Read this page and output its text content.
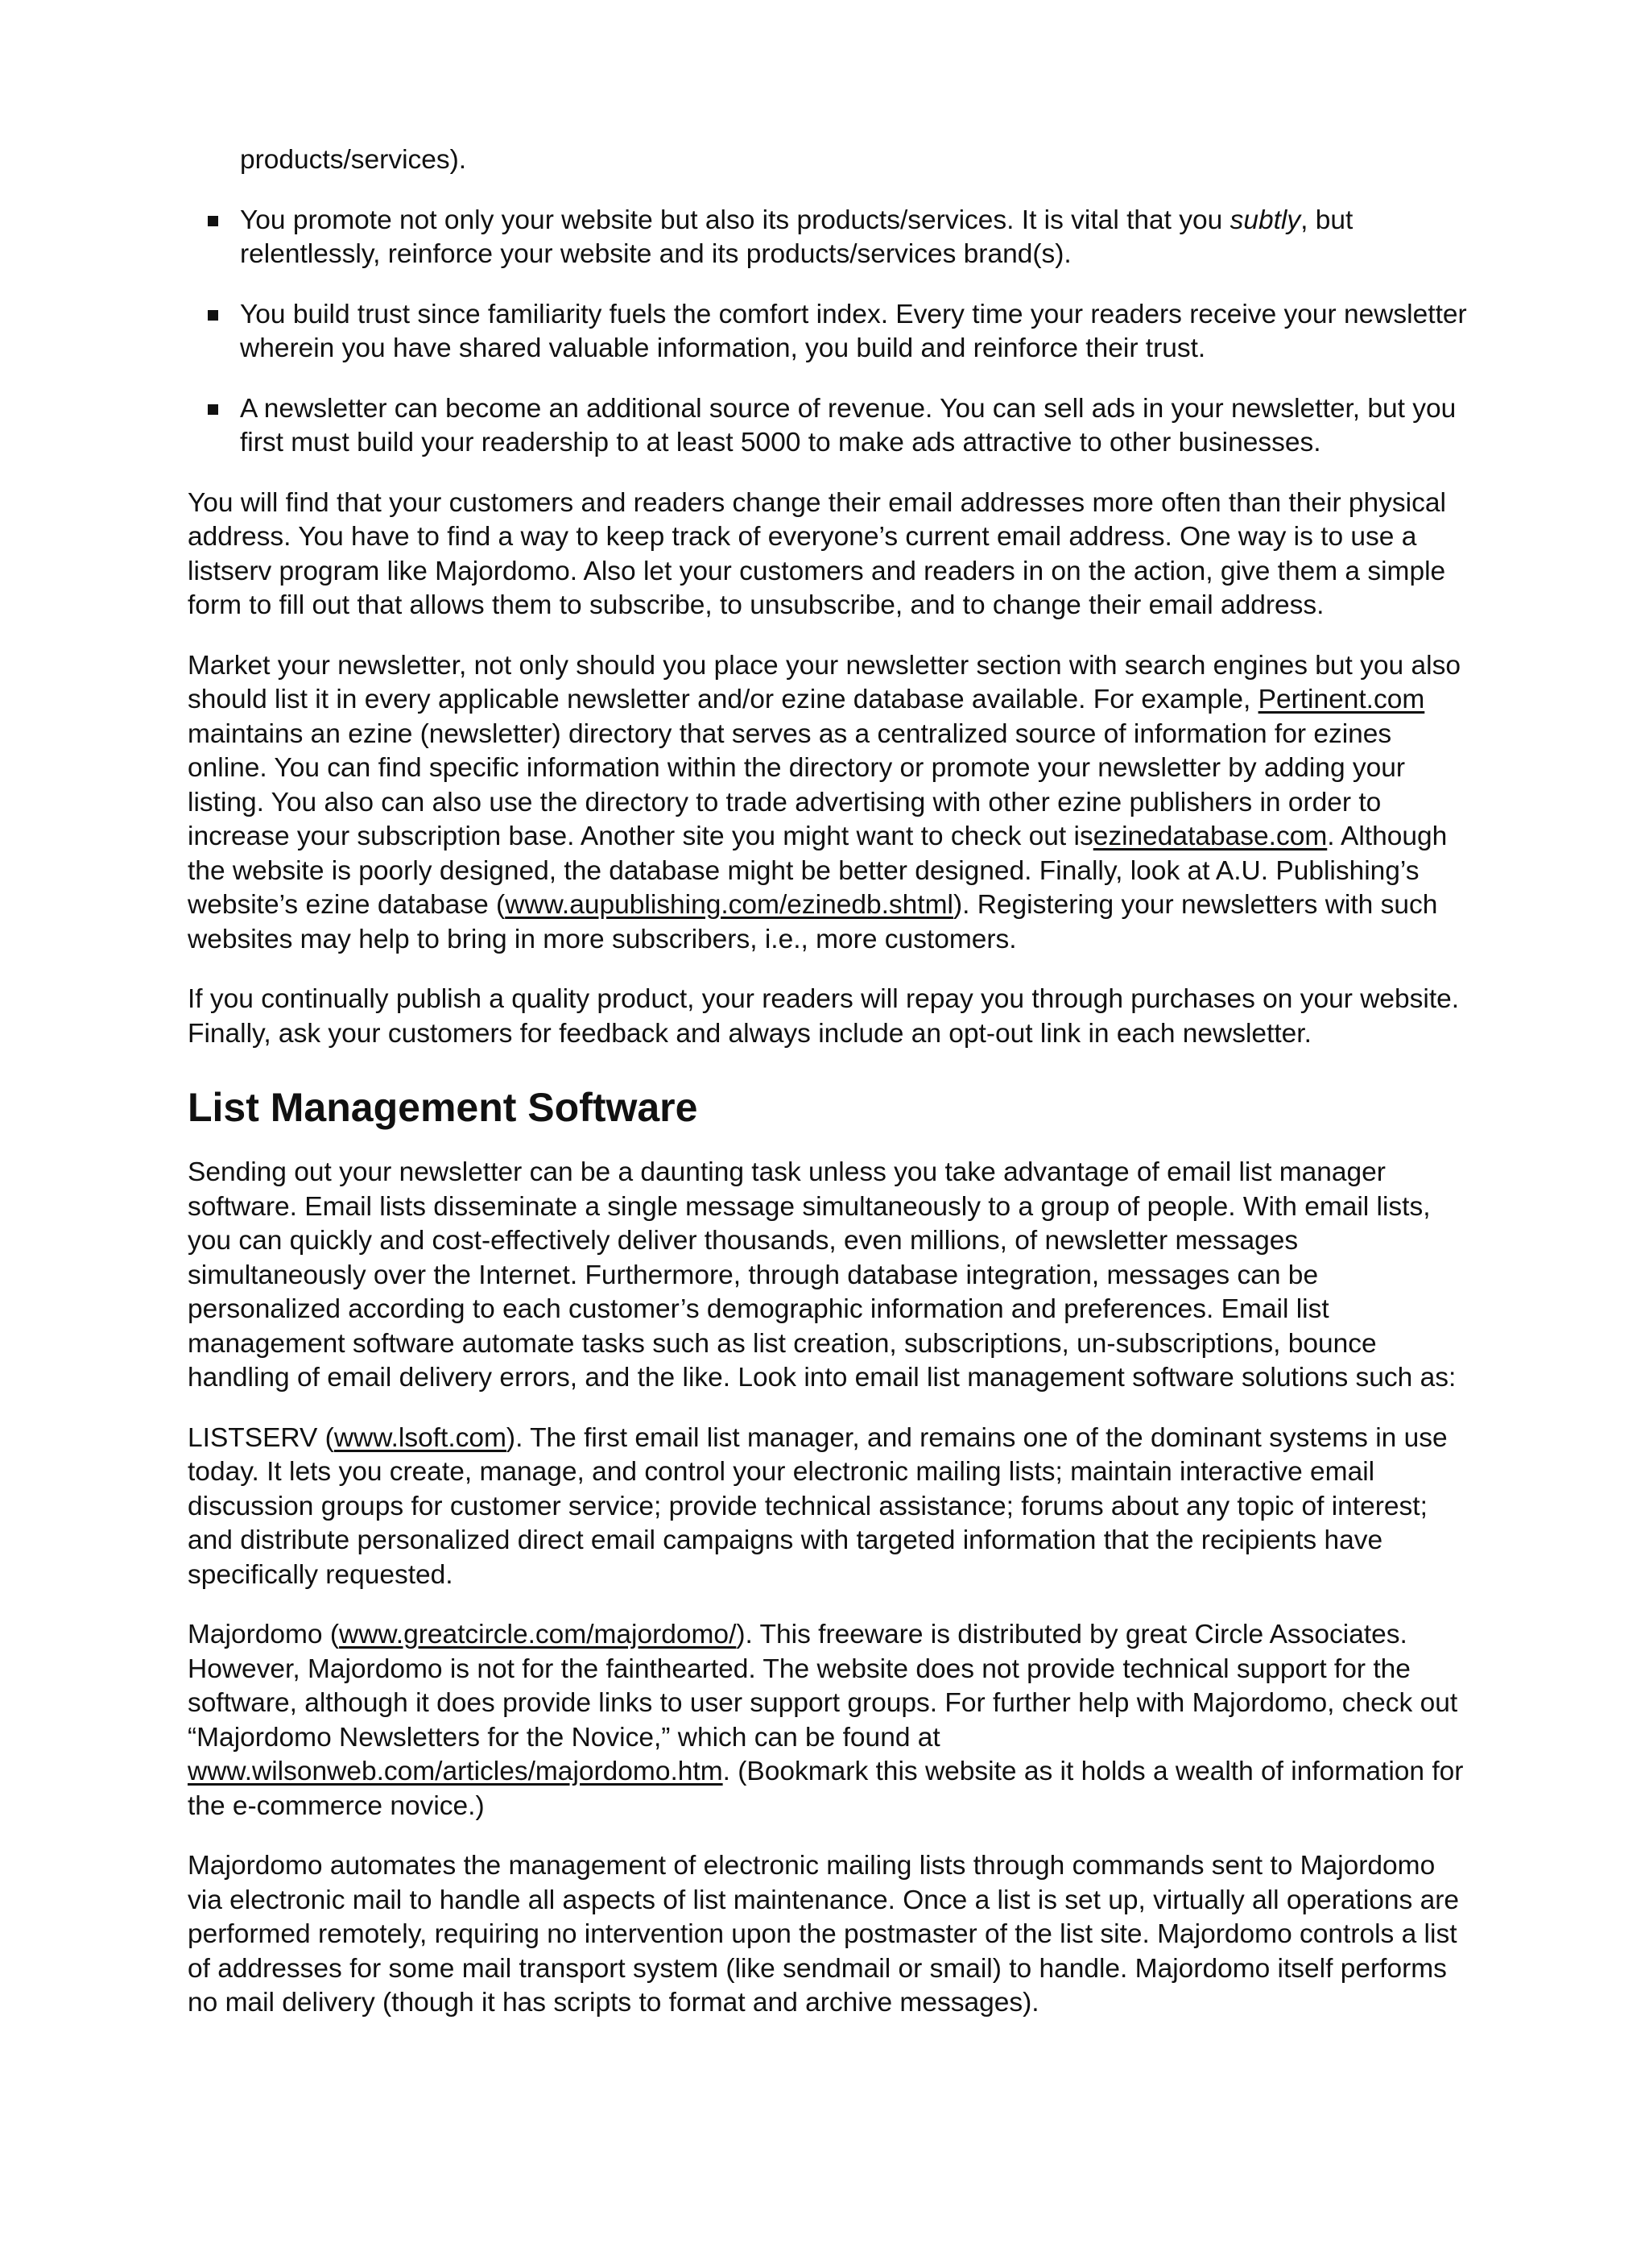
products/services).
You promote not only your website but also its products/services. It is vital that you subtly, but relentlessly, reinforce your website and its products/services brand(s).
You build trust since familiarity fuels the comfort index. Every time your readers receive your newsletter wherein you have shared valuable information, you build and reinforce their trust.
A newsletter can become an additional source of revenue. You can sell ads in your newsletter, but you first must build your readership to at least 5000 to make ads attractive to other businesses.

You will find that your customers and readers change their email addresses more often than their physical address. You have to find a way to keep track of everyone’s current email address. One way is to use a listserv program like Majordomo. Also let your customers and readers in on the action, give them a simple form to fill out that allows them to subscribe, to unsubscribe, and to change their email address.

Market your newsletter, not only should you place your newsletter section with search engines but you also should list it in every applicable newsletter and/or ezine database available. For example, Pertinent.com maintains an ezine (newsletter) directory that serves as a centralized source of information for ezines online. You can find specific information within the directory or promote your newsletter by adding your listing. You also can also use the directory to trade advertising with other ezine publishers in order to increase your subscription base. Another site you might want to check out isezinedatabase.com. Although the website is poorly designed, the database might be better designed. Finally, look at A.U. Publishing’s website’s ezine database (www.aupublishing.com/ezinedb.shtml). Registering your newsletters with such websites may help to bring in more subscribers, i.e., more customers.

If you continually publish a quality product, your readers will repay you through purchases on your website. Finally, ask your customers for feedback and always include an opt-out link in each newsletter.

List Management Software

Sending out your newsletter can be a daunting task unless you take advantage of email list manager software. Email lists disseminate a single message simultaneously to a group of people. With email lists, you can quickly and cost-effectively deliver thousands, even millions, of newsletter messages simultaneously over the Internet. Furthermore, through database integration, messages can be personalized according to each customer’s demographic information and preferences. Email list management software automate tasks such as list creation, subscriptions, un-subscriptions, bounce handling of email delivery errors, and the like. Look into email list management software solutions such as:

LISTSERV (www.lsoft.com). The first email list manager, and remains one of the dominant systems in use today. It lets you create, manage, and control your electronic mailing lists; maintain interactive email discussion groups for customer service; provide technical assistance; forums about any topic of interest; and distribute personalized direct email campaigns with targeted information that the recipients have specifically requested.

Majordomo (www.greatcircle.com/majordomo/). This freeware is distributed by great Circle Associates. However, Majordomo is not for the fainthearted. The website does not provide technical support for the software, although it does provide links to user support groups. For further help with Majordomo, check out “Majordomo Newsletters for the Novice,” which can be found at www.wilsonweb.com/articles/majordomo.htm. (Bookmark this website as it holds a wealth of information for the e-commerce novice.)

Majordomo automates the management of electronic mailing lists through commands sent to Majordomo via electronic mail to handle all aspects of list maintenance. Once a list is set up, virtually all operations are performed remotely, requiring no intervention upon the postmaster of the list site. Majordomo controls a list of addresses for some mail transport system (like sendmail or smail) to handle. Majordomo itself performs no mail delivery (though it has scripts to format and archive messages).
